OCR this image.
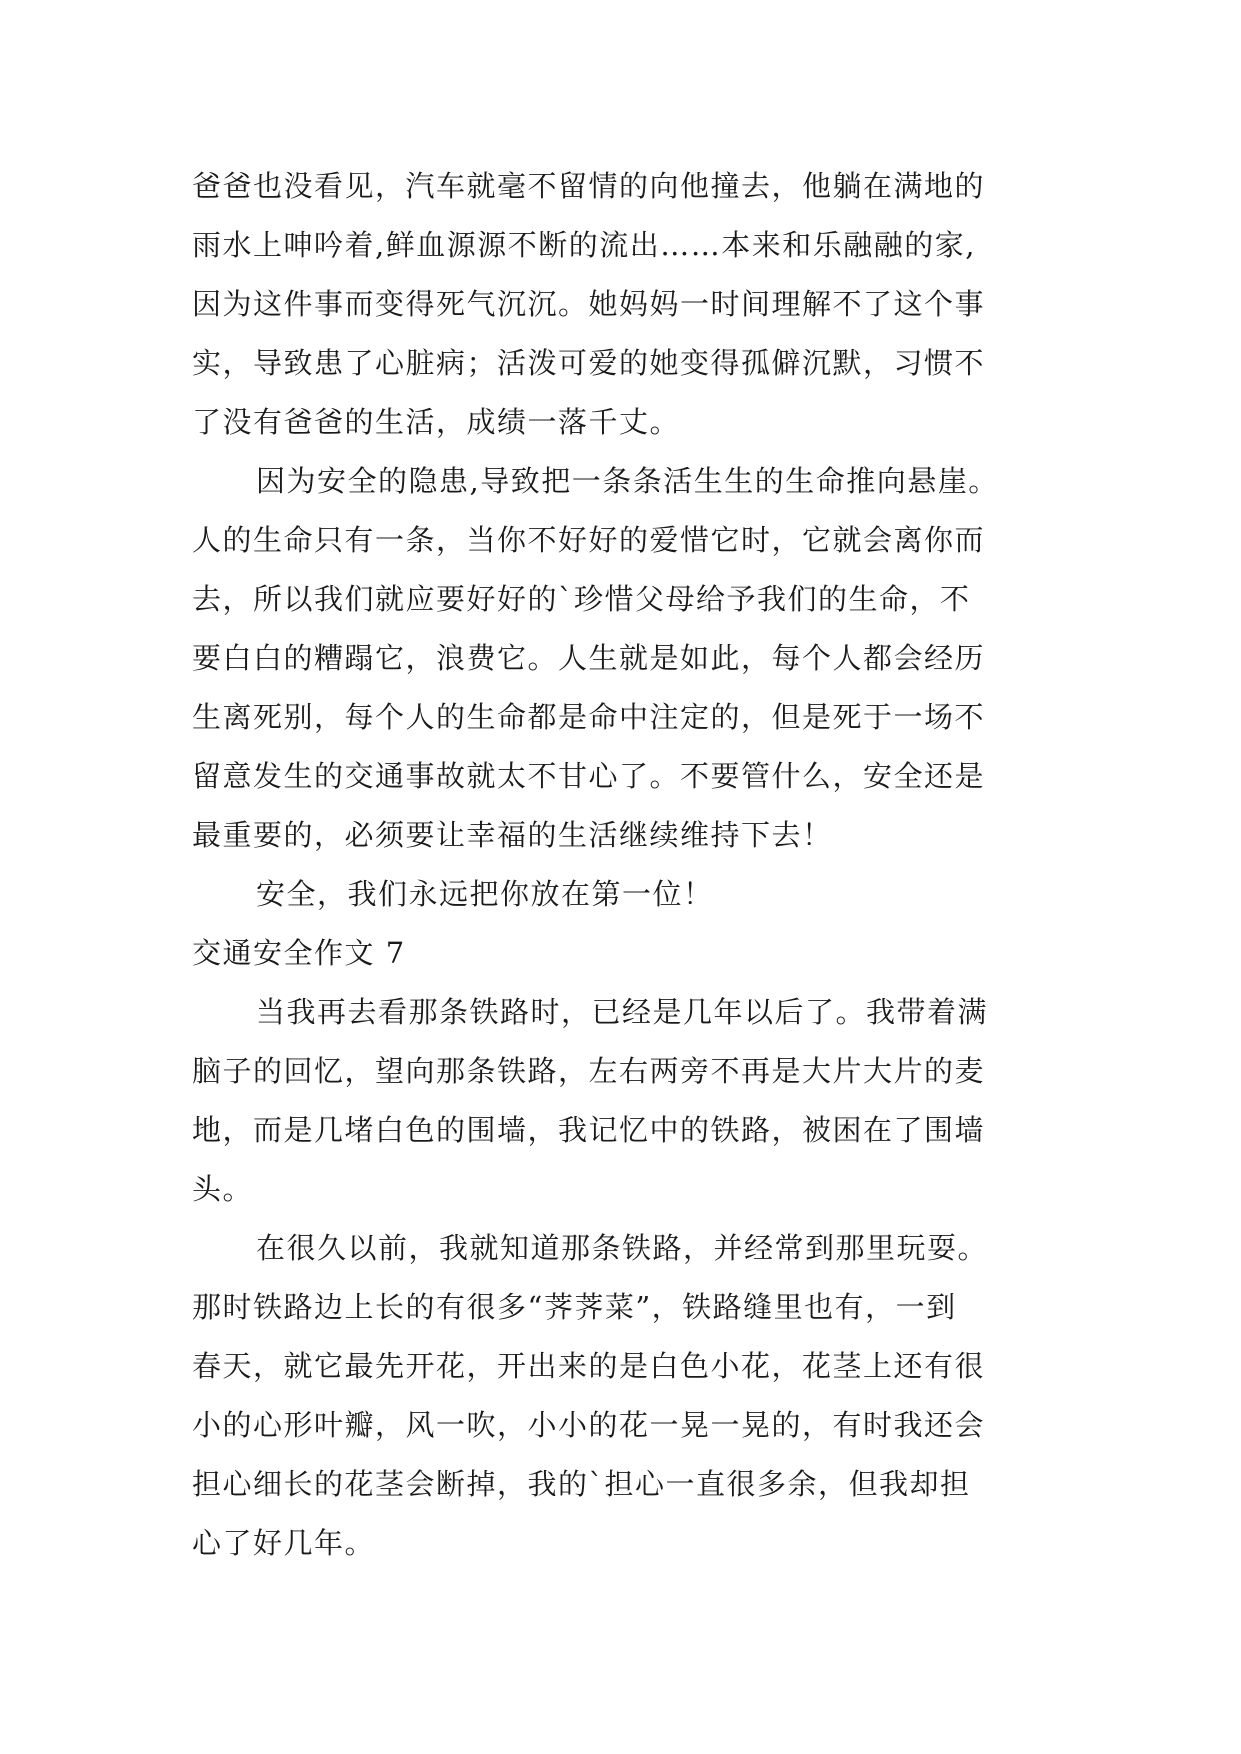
爸爸也没看见，汽车就毫不留情的向他撞去，他躺在满地的
雨水上呻吟着,鲜血源源不断的流出……本来和乐融融的家,
因为这件事而变得死气沉沉。她妈妈一时间理解不了这个事
实，导致患了心脏病；活泼可爱的她变得孤僻沉默，习惯不
了没有爸爸的生活，成绩一落千丈。
因为安全的隐患,导致把一条条活生生的生命推向悬崖。
人的生命只有一条，当你不好好的爱惜它时，它就会离你而
去，所以我们就应要好好的`珍惜父母给予我们的生命，不
要白白的糟蹋它，浪费它。人生就是如此，每个人都会经历
生离死别，每个人的生命都是命中注定的，但是死于一场不
留意发生的交通事故就太不甘心了。不要管什么，安全还是
最重要的，必须要让幸福的生活继续维持下去！
安全，我们永远把你放在第一位！
交通安全作文 7
当我再去看那条铁路时，已经是几年以后了。我带着满
脑子的回忆，望向那条铁路，左右两旁不再是大片大片的麦
地，而是几堵白色的围墙，我记忆中的铁路，被困在了围墙
头。
在很久以前，我就知道那条铁路，并经常到那里玩耍。
那时铁路边上长的有很多“荠荠菜”，铁路缝里也有，一到
春天，就它最先开花，开出来的是白色小花，花茎上还有很
小的心形叶瓣，风一吹，小小的花一晃一晃的，有时我还会
担心细长的花茎会断掉，我的`担心一直很多余，但我却担
心了好几年。
